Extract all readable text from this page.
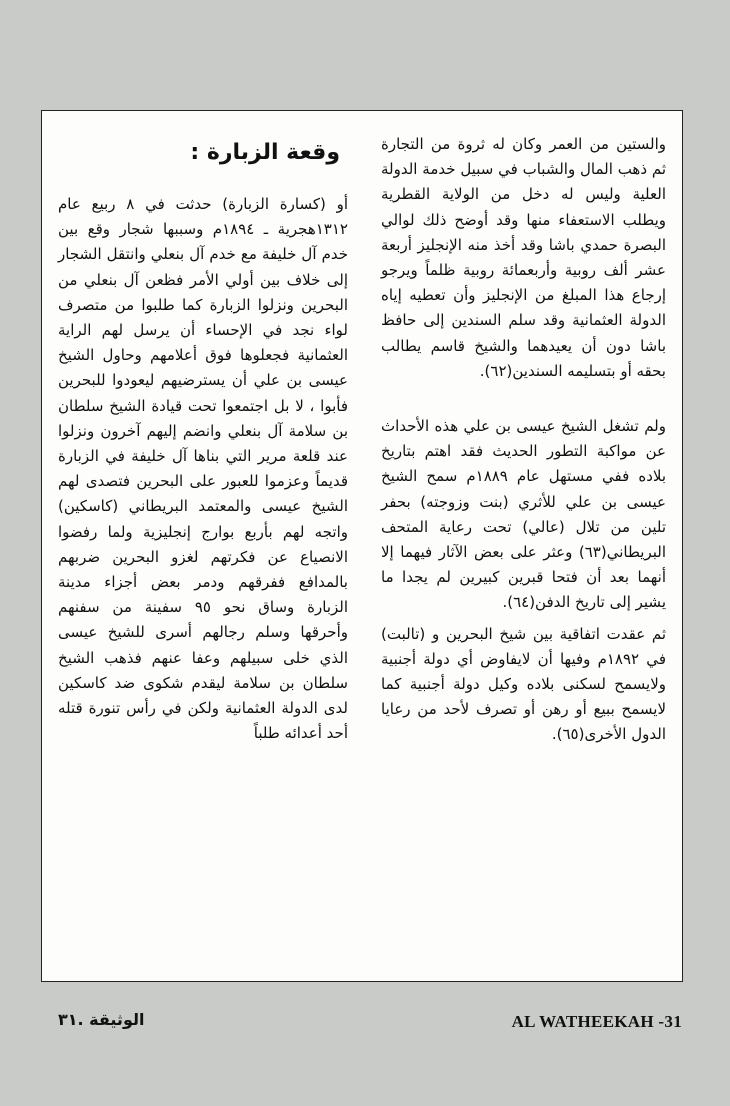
والستين من العمر وكان له ثروة من التجارة ثم ذهب المال والشباب في سبيل خدمة الدولة العلية وليس له دخل من الولاية القطرية ويطلب الاستعفاء منها وقد أوضح ذلك لوالي البصرة حمدي باشا وقد أخذ منه الإنجليز أربعة عشر ألف روبية وأربعمائة روبية ظلماً ويرجو إرجاع هذا المبلغ من الإنجليز وأن تعطيه إياه الدولة العثمانية وقد سلم السندين إلى حافظ باشا دون أن يعيدهما والشيخ قاسم يطالب بحقه أو بتسليمه السندين(٦٢).

ولم تشغل الشيخ عيسى بن علي هذه الأحداث عن مواكبة التطور الحديث فقد اهتم بتاريخ بلاده ففي مستهل عام ١٨٨٩م سمح الشيخ عيسى بن علي للأثري (بنت وزوجته) بحفر تلين من تلال (عالي) تحت رعاية المتحف البريطاني(٦٣) وعثر على بعض الآثار فيهما إلا أنهما بعد أن فتحا قبرين كبيرين لم يجدا ما يشير إلى تاريخ الدفن(٦٤).

ثم عقدت اتفاقية بين شيخ البحرين و (تالبت) في ١٨٩٢م وفيها أن لايفاوض أي دولة أجنبية ولايسمح لسكنى بلاده وكيل دولة أجنبية كما لايسمح ببيع أو رهن أو تصرف لأحد من رعايا الدول الأخرى(٦٥).

وقعة الزبارة :

أو (كسارة الزبارة) حدثت في ٨ ربيع عام ١٣١٢هجرية ـ ١٨٩٤م وسببها شجار وقع بين خدم آل خليفة مع خدم آل بنعلي وانتقل الشجار إلى خلاف بين أولي الأمر فظعن آل بنعلي من البحرين ونزلوا الزبارة كما طلبوا من متصرف لواء نجد في الإحساء أن يرسل لهم الراية العثمانية فجعلوها فوق أعلامهم وحاول الشيخ عيسى بن علي أن يسترضيهم ليعودوا للبحرين فأبوا ، لا بل اجتمعوا تحت قيادة الشيخ سلطان بن سلامة آل بنعلي وانضم إليهم آخرون ونزلوا عند قلعة مرير التي بناها آل خليفة في الزبارة قديماً وعزموا للعبور على البحرين فتصدى لهم الشيخ عيسى والمعتمد البريطاني (كاسكين) واتجه لهم بأربع بوارج إنجليزية ولما رفضوا الانصياع عن فكرتهم لغزو البحرين ضربهم بالمدافع ففرقهم ودمر بعض أجزاء مدينة الزبارة وساق نحو ٩٥ سفينة من سفنهم وأحرقها وسلم رجالهم أسرى للشيخ عيسى الذي خلى سبيلهم وعفا عنهم فذهب الشيخ سلطان بن سلامة ليقدم شكوى ضد كاسكين لدى الدولة العثمانية ولكن في رأس تنورة قتله أحد أعدائه طلباً

الوثيقة .٣١	AL WATHEEKAH -31
